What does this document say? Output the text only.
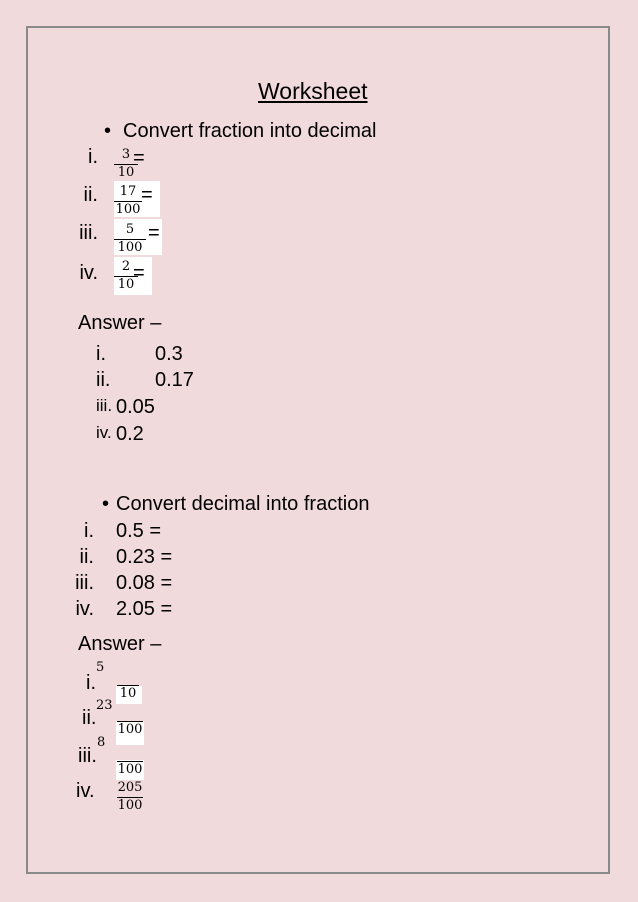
Worksheet
• Convert fraction into decimal
i.	3
10
=
ii.	17
100
=
iii.	5
100
=
iv.	2
10
=
Answer –
i. 0.3
ii. 0.17
iii. 0.05
iv. 0.2
• Convert decimal into fraction
i. 0.5 =
ii. 0.23 =
iii. 0.08 =
iv. 2.05 =
Answer –
i.
5
10
ii.
23
100
iii.
8
100
iv. 205
100
